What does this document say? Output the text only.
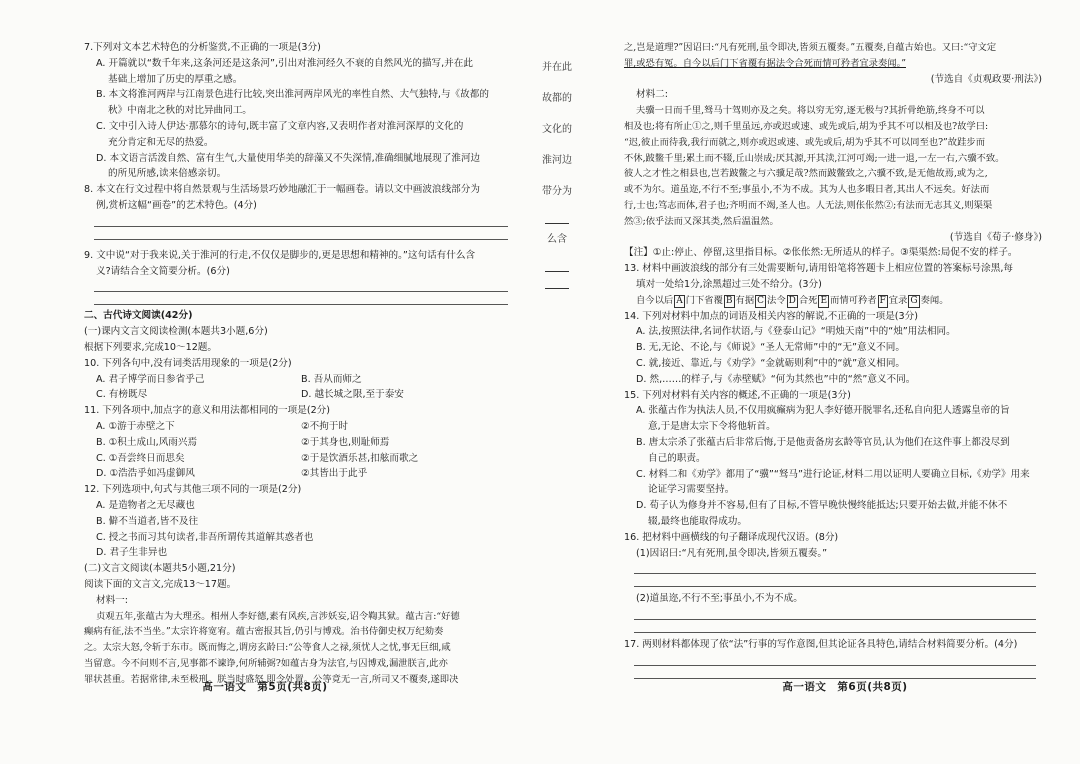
7.下列对文本艺术特色的分析鉴赏,不正确的一项是(3分)
A. 开篇就以“数千年来,这条河还是这条河”,引出对淮河经久不衰的自然风光的描写,并在此
基础上增加了历史的厚重之感。
B. 本文将淮河两岸与江南景色进行比较,突出淮河两岸风光的率性自然、大气独特,与《故都的
秋》中南北之秋的对比异曲同工。
C. 文中引入诗人伊达·那慕尔的诗句,既丰富了文章内容,又表明作者对淮河深厚的文化的
充分肯定和无尽的热爱。
D. 本文语言活泼自然、富有生气,大量使用华美的辞藻又不失深情,准确细腻地展现了淮河边
的所见所感,读来倍感亲切。
8. 本文在行文过程中将自然景观与生活场景巧妙地融汇于一幅画卷。请以文中画波浪线部分为
例,赏析这幅“画卷”的艺术特色。(4分)
9. 文中说“对于我来说,关于淮河的行走,不仅仅是脚步的,更是思想和精神的。”这句话有什么含
义?请结合全文简要分析。(6分)
二、古代诗文阅读(42分)
(一)课内文言文阅读检测(本题共3小题,6分)
根据下列要求,完成10～12题。
10. 下列各句中,没有词类活用现象的一项是(2分)
A. 君子博学而日参省乎己	B. 吾从而师之
C. 有榜既尽	D. 越长城之限,至于泰安
11. 下列各项中,加点字的意义和用法都相同的一项是(2分)
A. ①游于赤壁之下	②不拘于时
B. ①积土成山,风雨兴焉	②于其身也,则耻师焉
C. ①吾尝终日而思矣	②于是饮酒乐甚,扣舷而歌之
D. ①浩浩乎如冯虚御风	②其皆出于此乎
12. 下列选项中,句式与其他三项不同的一项是(2分)
A. 是造物者之无尽藏也
B. 僻不当道者,皆不及往
C. 授之书而习其句读者,非吾所谓传其道解其惑者也
D. 君子生非异也
(二)文言文阅读(本题共5小题,21分)
阅读下面的文言文,完成13～17题。
材料一:
贞观五年,张蕴古为大理丞。相州人李好德,素有风疾,言涉妖妄,诏令鞫其狱。蕴古言:“好德
癫病有征,法不当坐。”太宗许将宽宥。蕴古密报其旨,仍引与博戏。治书侍御史权万纪劾奏
之。太宗大怒,令斩于东市。既而悔之,谓房玄龄曰:“公等食人之禄,须忧人之忧,事无巨细,咸
当留意。今不问则不言,见事都不谏诤,何所辅弼?如蕴古身为法官,与囚博戏,漏泄朕言,此亦
罪状甚重。若据常律,未至极刑。朕当时盛怒,即令处置。公等竟无一言,所司又不覆奏,遂即决
高一语文　第5页(共8页)
并在此
故都的
文化的
淮河边
带分为
么含
之,岂是道理?”因诏曰:“凡有死刑,虽令即决,皆须五覆奏。”五覆奏,自蕴古始也。又曰:“守文定
罪,或恐有冤。自今以后门下省覆有据法令合死而情可矜者宜录奏闻。”
(节选自《贞观政要·刑法》)
材料二:
夫骥一日而千里,驽马十驾则亦及之矣。将以穷无穷,逐无极与?其折骨绝筋,终身不可以
相及也;将有所止①之,则千里虽远,亦或迟或速、或先或后,胡为乎其不可以相及也?故学曰:
“迟,彼止而待我,我行而就之,则亦或迟或速、或先或后,胡为乎其不可以同至也?”故跬步而
不休,跛鳖千里;累土而不辍,丘山崇成;厌其源,开其渎,江河可竭;一进一退,一左一右,六骥不致。
彼人之才性之相县也,岂若跛鳖之与六骥足哉?然而跛鳖致之,六骥不致,是无他故焉,或为之,
或不为尔。道虽迩,不行不至;事虽小,不为不成。其为人也多暇日者,其出人不远矣。好法而
行,士也;笃志而体,君子也;齐明而不竭,圣人也。人无法,则伥伥然②;有法而无志其义,则渠渠
然③;依乎法而又深其类,然后温温然。
(节选自《荀子·修身》)
【注】①止:停止、停留,这里指目标。②伥伥然:无所适从的样子。③渠渠然:局促不安的样子。
13. 材料中画波浪线的部分有三处需要断句,请用铅笔将答题卡上相应位置的答案标号涂黑,每
填对一处给1分,涂黑超过三处不给分。(3分)
自今以后 A 门下省覆 B 有据 C 法令 D 合死 E 而情可矜者 F 宜录 G 奏闻。
14. 下列对材料中加点的词语及相关内容的解说,不正确的一项是(3分)
A. 法,按照法律,名词作状语,与《登泰山记》“明烛天南”中的“烛”用法相同。
B. 无,无论、不论,与《师说》“圣人无常师”中的“无”意义不同。
C. 就,接近、靠近,与《劝学》“金就砺则利”中的“就”意义相同。
D. 然,……的样子,与《赤壁赋》“何为其然也”中的“然”意义不同。
15. 下列对材料有关内容的概述,不正确的一项是(3分)
A. 张蕴古作为执法人员,不仅用疯癫病为犯人李好德开脱罪名,还私自向犯人透露皇帝的旨
意,于是唐太宗下令将他斩首。
B. 唐太宗杀了张蕴古后非常后悔,于是他责备房玄龄等官员,认为他们在这件事上都没尽到
自己的职责。
C. 材料二和《劝学》都用了“骥”“驽马”进行论证,材料二用以证明人要确立目标,《劝学》用来
论证学习需要坚持。
D. 荀子认为修身并不容易,但有了目标,不管早晚快慢终能抵达;只要开始去做,并能不休不
辍,最终也能取得成功。
16. 把材料中画横线的句子翻译成现代汉语。(8分)
(1)因诏曰:“凡有死刑,虽令即决,皆须五覆奏。”
(2)道虽迩,不行不至;事虽小,不为不成。
17. 两则材料都体现了依“法”行事的写作意图,但其论证各具特色,请结合材料简要分析。(4分)
高一语文　第6页(共8页)
